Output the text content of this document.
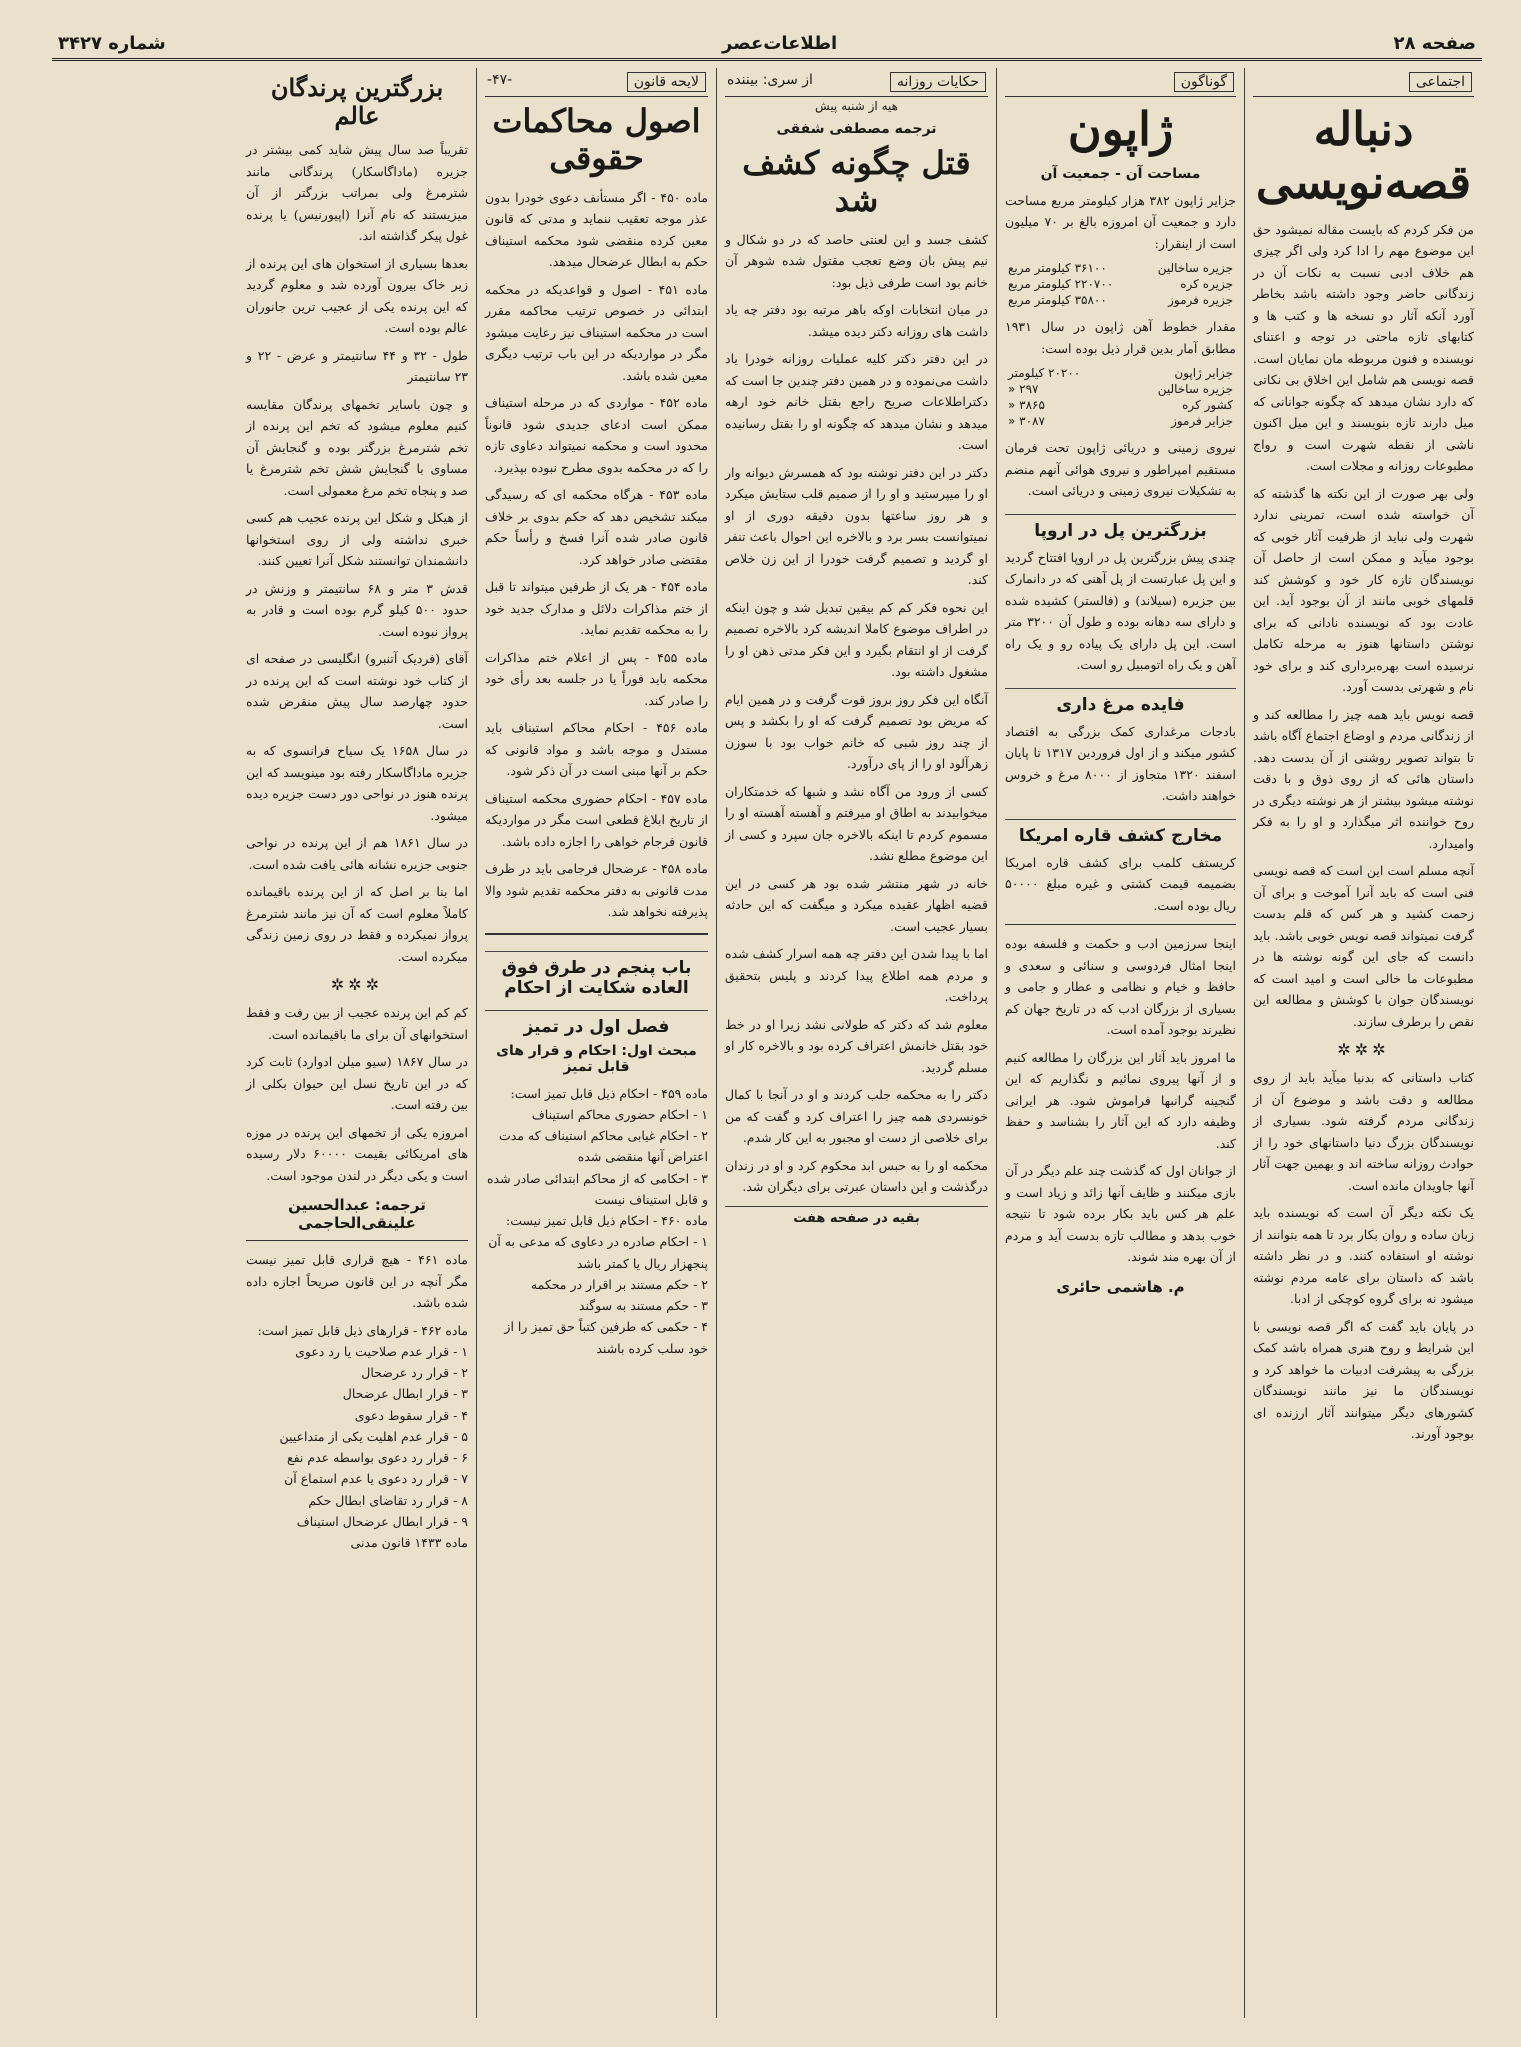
صفحه ۲۸
اطلاعات‌عصر
شماره ۳۴۲۷
اجتماعی
دنباله قصه‌نویسی

من فکر کردم که بایست مقاله نمیشود حق این موضوع مهم را ادا کرد ولی اگر چیزی هم خلاف ادبی نسبت به نکات آن در زندگانی حاضر وجود داشته باشد بخاطر آورد آنکه آثار دو نسخه ها و کتب ها و کتابهای تازه ماحتی در توجه و اعتنای نویسنده و فنون مربوطه مان نمایان است. قصه نویسی هم شامل این اخلاق بی نکاتی که دارد نشان میدهد که چگونه جوانانی که میل دارند تازه بنویسند و این میل اکنون ناشی از نقطه شهرت است و رواج مطبوعات روزانه و مجلات است.

ولی بهر صورت از این نکته ها گذشته که آن خواسته شده است، تمرینی ندارد شهرت ولی نباید از ظرفیت آثار خوبی که بوجود میآید و ممکن است از حاصل آن نویسندگان تازه کار خود و کوشش کند قلمهای خوبی مانند از آن بوجود آید. این عادت بود که نویسنده نادانی که برای نوشتن داستانها هنوز به مرحله تکامل نرسیده است بهره‌برداری کند و برای خود نام و شهرتی بدست آورد.

قصه نویس باید همه چیز را مطالعه کند و از زندگانی مردم و اوضاع اجتماع آگاه باشد تا بتواند تصویر روشنی از آن بدست دهد. داستان هائی که از روی ذوق و با دقت نوشته میشود بیشتر از هر نوشته دیگری در روح خواننده اثر میگذارد و او را به فکر وامیدارد.

آنچه مسلم است این است که قصه نویسی فنی است که باید آنرا آموخت و برای آن زحمت کشید و هر کس که قلم بدست گرفت نمیتواند قصه نویس خوبی باشد. باید دانست که جای این گونه نوشته ها در مطبوعات ما خالی است و امید است که نویسندگان جوان با کوشش و مطالعه این نقص را برطرف سازند.

✲✲✲

کتاب داستانی که بدنیا میآید باید از روی مطالعه و دقت باشد و موضوع آن از زندگانی مردم گرفته شود. بسیاری از نویسندگان بزرگ دنیا داستانهای خود را از حوادث روزانه ساخته اند و بهمین جهت آثار آنها جاویدان مانده است.

یک نکته دیگر آن است که نویسنده باید زبان ساده و روان بکار برد تا همه بتوانند از نوشته او استفاده کنند. و در نظر داشته باشد که داستان برای عامه مردم نوشته میشود نه برای گروه کوچکی از ادبا.

در پایان باید گفت که اگر قصه نویسی با این شرایط و روح هنری همراه باشد کمک بزرگی به پیشرفت ادبیات ما خواهد کرد و نویسندگان ما نیز مانند نویسندگان کشورهای دیگر میتوانند آثار ارزنده ای بوجود آورند.

گوناگون
ژاپون
مساحت آن - جمعیت آن

جزایر ژاپون ۳۸۲ هزار کیلومتر مربع مساحت دارد و جمعیت آن امروزه بالغ بر ۷۰ میلیون است از اینقرار:

جزیره ساخالین	۳۶۱۰۰ کیلومتر مربع
جزیره کره	۲۲۰۷۰۰ کیلومتر مربع
جزیره فرموز	۳۵۸۰۰ کیلومتر مربع

مقدار خطوط آهن ژاپون در سال ۱۹۳۱ مطابق آمار بدین قرار ذیل بوده است:

جزایر ژاپون	۲۰۲۰۰ کیلومتر
جزیره ساخالین	۲۹۷ «
کشور کره	۳۸۶۵ «
جزایر فرموز	۳۰۸۷ «

نیروی زمینی و دریائی ژاپون تحت فرمان مستقیم امپراطور و نیروی هوائی آنهم منضم به تشکیلات نیروی زمینی و دریائی است.

بزرگترین پل در اروپا

چندی پیش بزرگترین پل در اروپا افتتاح گردید و این پل عبارتست از پل آهنی که در دانمارک بین جزیره (سیلاند) و (فالستر) کشیده شده و دارای سه دهانه بوده و طول آن ۳۲۰۰ متر است. این پل دارای یک پیاده رو و یک راه آهن و یک راه اتومبیل رو است.

فایده مرغ داری

بادجات مرغداری کمک بزرگی به اقتصاد کشور میکند و از اول فروردین ۱۳۱۷ تا پایان اسفند ۱۳۲۰ متجاوز از ۸۰۰۰ مرغ و خروس خواهند داشت.

مخارج کشف قاره امریکا

کریستف کلمب برای کشف قاره امریکا بضمیمه قیمت کشتی و غیره مبلغ ۵۰۰۰۰ ریال بوده است.

اینجا سرزمین ادب و حکمت و فلسفه بوده اینجا امثال فردوسی و سنائی و سعدی و حافظ و خیام و نظامی و عطار و جامی و بسیاری از بزرگان ادب که در تاریخ جهان کم نظیرند بوجود آمده است.

ما امروز باید آثار این بزرگان را مطالعه کنیم و از آنها پیروی نمائیم و نگذاریم که این گنجینه گرانبها فراموش شود. هر ایرانی وظیفه دارد که این آثار را بشناسد و حفظ کند.

از جوانان اول که گذشت چند علم دیگر در آن بازی میکنند و ظایف آنها زائد و زیاد است و علم هر کس باید بکار برده شود تا نتیجه خوب بدهد و مطالب تازه بدست آید و مردم از آن بهره مند شوند.

م. هاشمی حائری
حکایات روزانه
از سری: بیننده
هیه از شنبه پیش
ترجمه مصطفی شفقی
قتل چگونه کشف شد

کشف جسد و این لعنتی حاصد که در دو شکال و نیم پیش بان وضع تعجب مقتول شده شوهر آن خانم بود است طرفی ذیل بود:

در میان انتخابات اوکه باهر مرتبه بود دفتر چه یاد داشت های روزانه دکتر دیده میشد.

در این دفتر دکتر کلیه عملیات روزانه خودرا یاد داشت می‌نموده و در همین دفتر چندین جا است که دکتراطلاعات صریح راجع بقتل خانم خود ارهه میدهد و نشان میدهد که چگونه او را بقتل رسانیده است.

دکتر در این دفتر نوشته بود که همسرش دیوانه وار او را میپرستید و او را از صمیم قلب ستایش میکرد و هر روز ساعتها بدون دقیقه دوری از او نمیتوانست بسر برد و بالاخره این احوال باعث تنفر او گردید و تصمیم گرفت خودرا از این زن خلاص کند.

این نحوه فکر کم کم بیقین تبدیل شد و چون اینکه در اطراف موضوع کاملا اندیشه کرد بالاخره تصمیم گرفت از او انتقام بگیرد و این فکر مدتی ذهن او را مشغول داشته بود.

آنگاه این فکر روز بروز قوت گرفت و در همین ایام که مریض بود تصمیم گرفت که او را بکشد و پس از چند روز شبی که خانم خواب بود با سوزن زهرآلود او را از پای درآورد.

کسی از ورود من آگاه نشد و شبها که خدمتکاران میخوابیدند به اطاق او میرفتم و آهسته آهسته او را مسموم کردم تا اینکه بالاخره جان سپرد و کسی از این موضوع مطلع نشد.

خانه در شهر منتشر شده بود هر کسی در این قضیه اظهار عقیده میکرد و میگفت که این حادثه بسیار عجیب است.

اما با پیدا شدن این دفتر چه همه اسرار کشف شده و مردم همه اطلاع پیدا کردند و پلیس بتحقیق پرداخت.

معلوم شد که دکتر که طولانی نشد زیرا او در خط خود بقتل خانمش اعتراف کرده بود و بالاخره کار او مسلم گردید.

دکتر را به محکمه جلب کردند و او در آنجا با کمال خونسردی همه چیز را اعتراف کرد و گفت که من برای خلاصی از دست او مجبور به این کار شدم.

محکمه او را به حبس ابد محکوم کرد و او در زندان درگذشت و این داستان عبرتی برای دیگران شد.

بقیه در صفحه هفت
لایحه قانون
-۴۷-
اصول محاکمات حقوقی

ماده ۴۵۰ - اگر مستأنف دعوی خودرا بدون عذر موجه تعقیب ننماید و مدتی که قانون معین کرده منقضی شود محکمه استیناف حکم به ابطال عرضحال میدهد.

ماده ۴۵۱ - اصول و قواعدیکه در محکمه ابتدائی در خصوص ترتیب محاکمه مقرر است در محکمه استیناف نیز رعایت میشود مگر در مواردیکه در این باب ترتیب دیگری معین شده باشد.

ماده ۴۵۲ - مواردی که در مرحله استیناف ممکن است ادعای جدیدی شود قانوناً محدود است و محکمه نمیتواند دعاوی تازه را که در محکمه بدوی مطرح نبوده بپذیرد.

ماده ۴۵۳ - هرگاه محکمه ای که رسیدگی میکند تشخیص دهد که حکم بدوی بر خلاف قانون صادر شده آنرا فسخ و رأساً حکم مقتضی صادر خواهد کرد.

ماده ۴۵۴ - هر یک از طرفین میتواند تا قبل از ختم مذاکرات دلائل و مدارک جدید خود را به محکمه تقدیم نماید.

ماده ۴۵۵ - پس از اعلام ختم مذاکرات محکمه باید فوراً یا در جلسه بعد رأی خود را صادر کند.

ماده ۴۵۶ - احکام محاکم استیناف باید مستدل و موجه باشد و مواد قانونی که حکم بر آنها مبنی است در آن ذکر شود.

ماده ۴۵۷ - احکام حضوری محکمه استیناف از تاریخ ابلاغ قطعی است مگر در مواردیکه قانون فرجام خواهی را اجازه داده باشد.

ماده ۴۵۸ - عرضحال فرجامی باید در ظرف مدت قانونی به دفتر محکمه تقدیم شود والا پذیرفته نخواهد شد.

باب پنجم در طرق فوق العاده شکایت از احکام
فصل اول در تمیز
مبحث اول: احکام و قرار های قابل تمیز
ماده ۴۵۹ - احکام ذیل قابل تمیز است:
۱ - احکام حضوری محاکم استیناف
۲ - احکام غیابی محاکم استیناف که مدت اعتراض آنها منقضی شده
۳ - احکامی که از محاکم ابتدائی صادر شده و قابل استیناف نیست
ماده ۴۶۰ - احکام ذیل قابل تمیز نیست:
۱ - احکام صادره در دعاوی که مدعی به آن پنجهزار ریال یا کمتر باشد
۲ - حکم مستند بر اقرار در محکمه
۳ - حکم مستند به سوگند
۴ - حکمی که طرفین کتباً حق تمیز را از خود سلب کرده باشند
بزرگترین پرندگان عالم

تقریباً صد سال پیش شاید کمی بیشتر در جزیره (ماداگاسکار) پرندگانی مانند شترمرغ ولی بمراتب بزرگتر از آن میزیستند که نام آنرا (اپیورنیس) یا پرنده غول پیکر گذاشته اند.

بعدها بسیاری از استخوان های این پرنده از زیر خاک بیرون آورده شد و معلوم گردید که این پرنده یکی از عجیب ترین جانوران عالم بوده است.

طول - ۳۲ و ۴۴ سانتیمتر و عرض - ۲۲ و ۲۳ سانتیمتر

و چون باسایر تخمهای پرندگان مقایسه کنیم معلوم میشود که تخم این پرنده از تخم شترمرغ بزرگتر بوده و گنجایش آن مساوی با گنجایش شش تخم شترمرغ یا صد و پنجاه تخم مرغ معمولی است.

از هیکل و شکل این پرنده عجیب هم کسی خبری نداشته ولی از روی استخوانها دانشمندان توانستند شکل آنرا تعیین کنند.

قدش ۳ متر و ۶۸ سانتیمتر و وزنش در حدود ۵۰۰ کیلو گرم بوده است و قادر به پرواز نبوده است.

آقای (فردیک آتنبرو) انگلیسی در صفحه ای از کتاب خود نوشته است که این پرنده در حدود چهارصد سال پیش منقرض شده است.

در سال ۱۶۵۸ یک سیاح فرانسوی که به جزیره ماداگاسکار رفته بود مینویسد که این پرنده هنوز در نواحی دور دست جزیره دیده میشود.

در سال ۱۸۶۱ هم از این پرنده در نواحی جنوبی جزیره نشانه هائی یافت شده است.

اما بنا بر اصل که از این پرنده باقیمانده کاملاً معلوم است که آن نیز مانند شترمرغ پرواز نمیکرده و فقط در روی زمین زندگی میکرده است.

✲✲✲

کم کم این پرنده عجیب از بین رفت و فقط استخوانهای آن برای ما باقیمانده است.

در سال ۱۸۶۷ (سیو میلن ادوارد) ثابت کرد که در این تاریخ نسل این حیوان بکلی از بین رفته است.

امروزه یکی از تخمهای این پرنده در موزه های امریکائی بقیمت ۶۰۰۰۰ دلار رسیده است و یکی دیگر در لندن موجود است.

ترجمه: عبدالحسین علینقی‌الحاجمی

ماده ۴۶۱ - هیچ قراری قابل تمیز نیست مگر آنچه در این قانون صریحاً اجازه داده شده باشد.

ماده ۴۶۲ - قرارهای ذیل قابل تمیز است:
۱ - قرار عدم صلاحیت یا رد دعوی
۲ - قرار رد عرضحال
۳ - قرار ابطال عرضحال
۴ - قرار سقوط دعوی
۵ - قرار عدم اهلیت یکی از متداعیین
۶ - قرار رد دعوی بواسطه عدم نفع
۷ - قرار رد دعوی یا عدم استماع آن
۸ - قرار رد تقاضای ابطال حکم
۹ - قرار ابطال عرضحال استیناف
ماده ۱۴۳۳ قانون مدنی
